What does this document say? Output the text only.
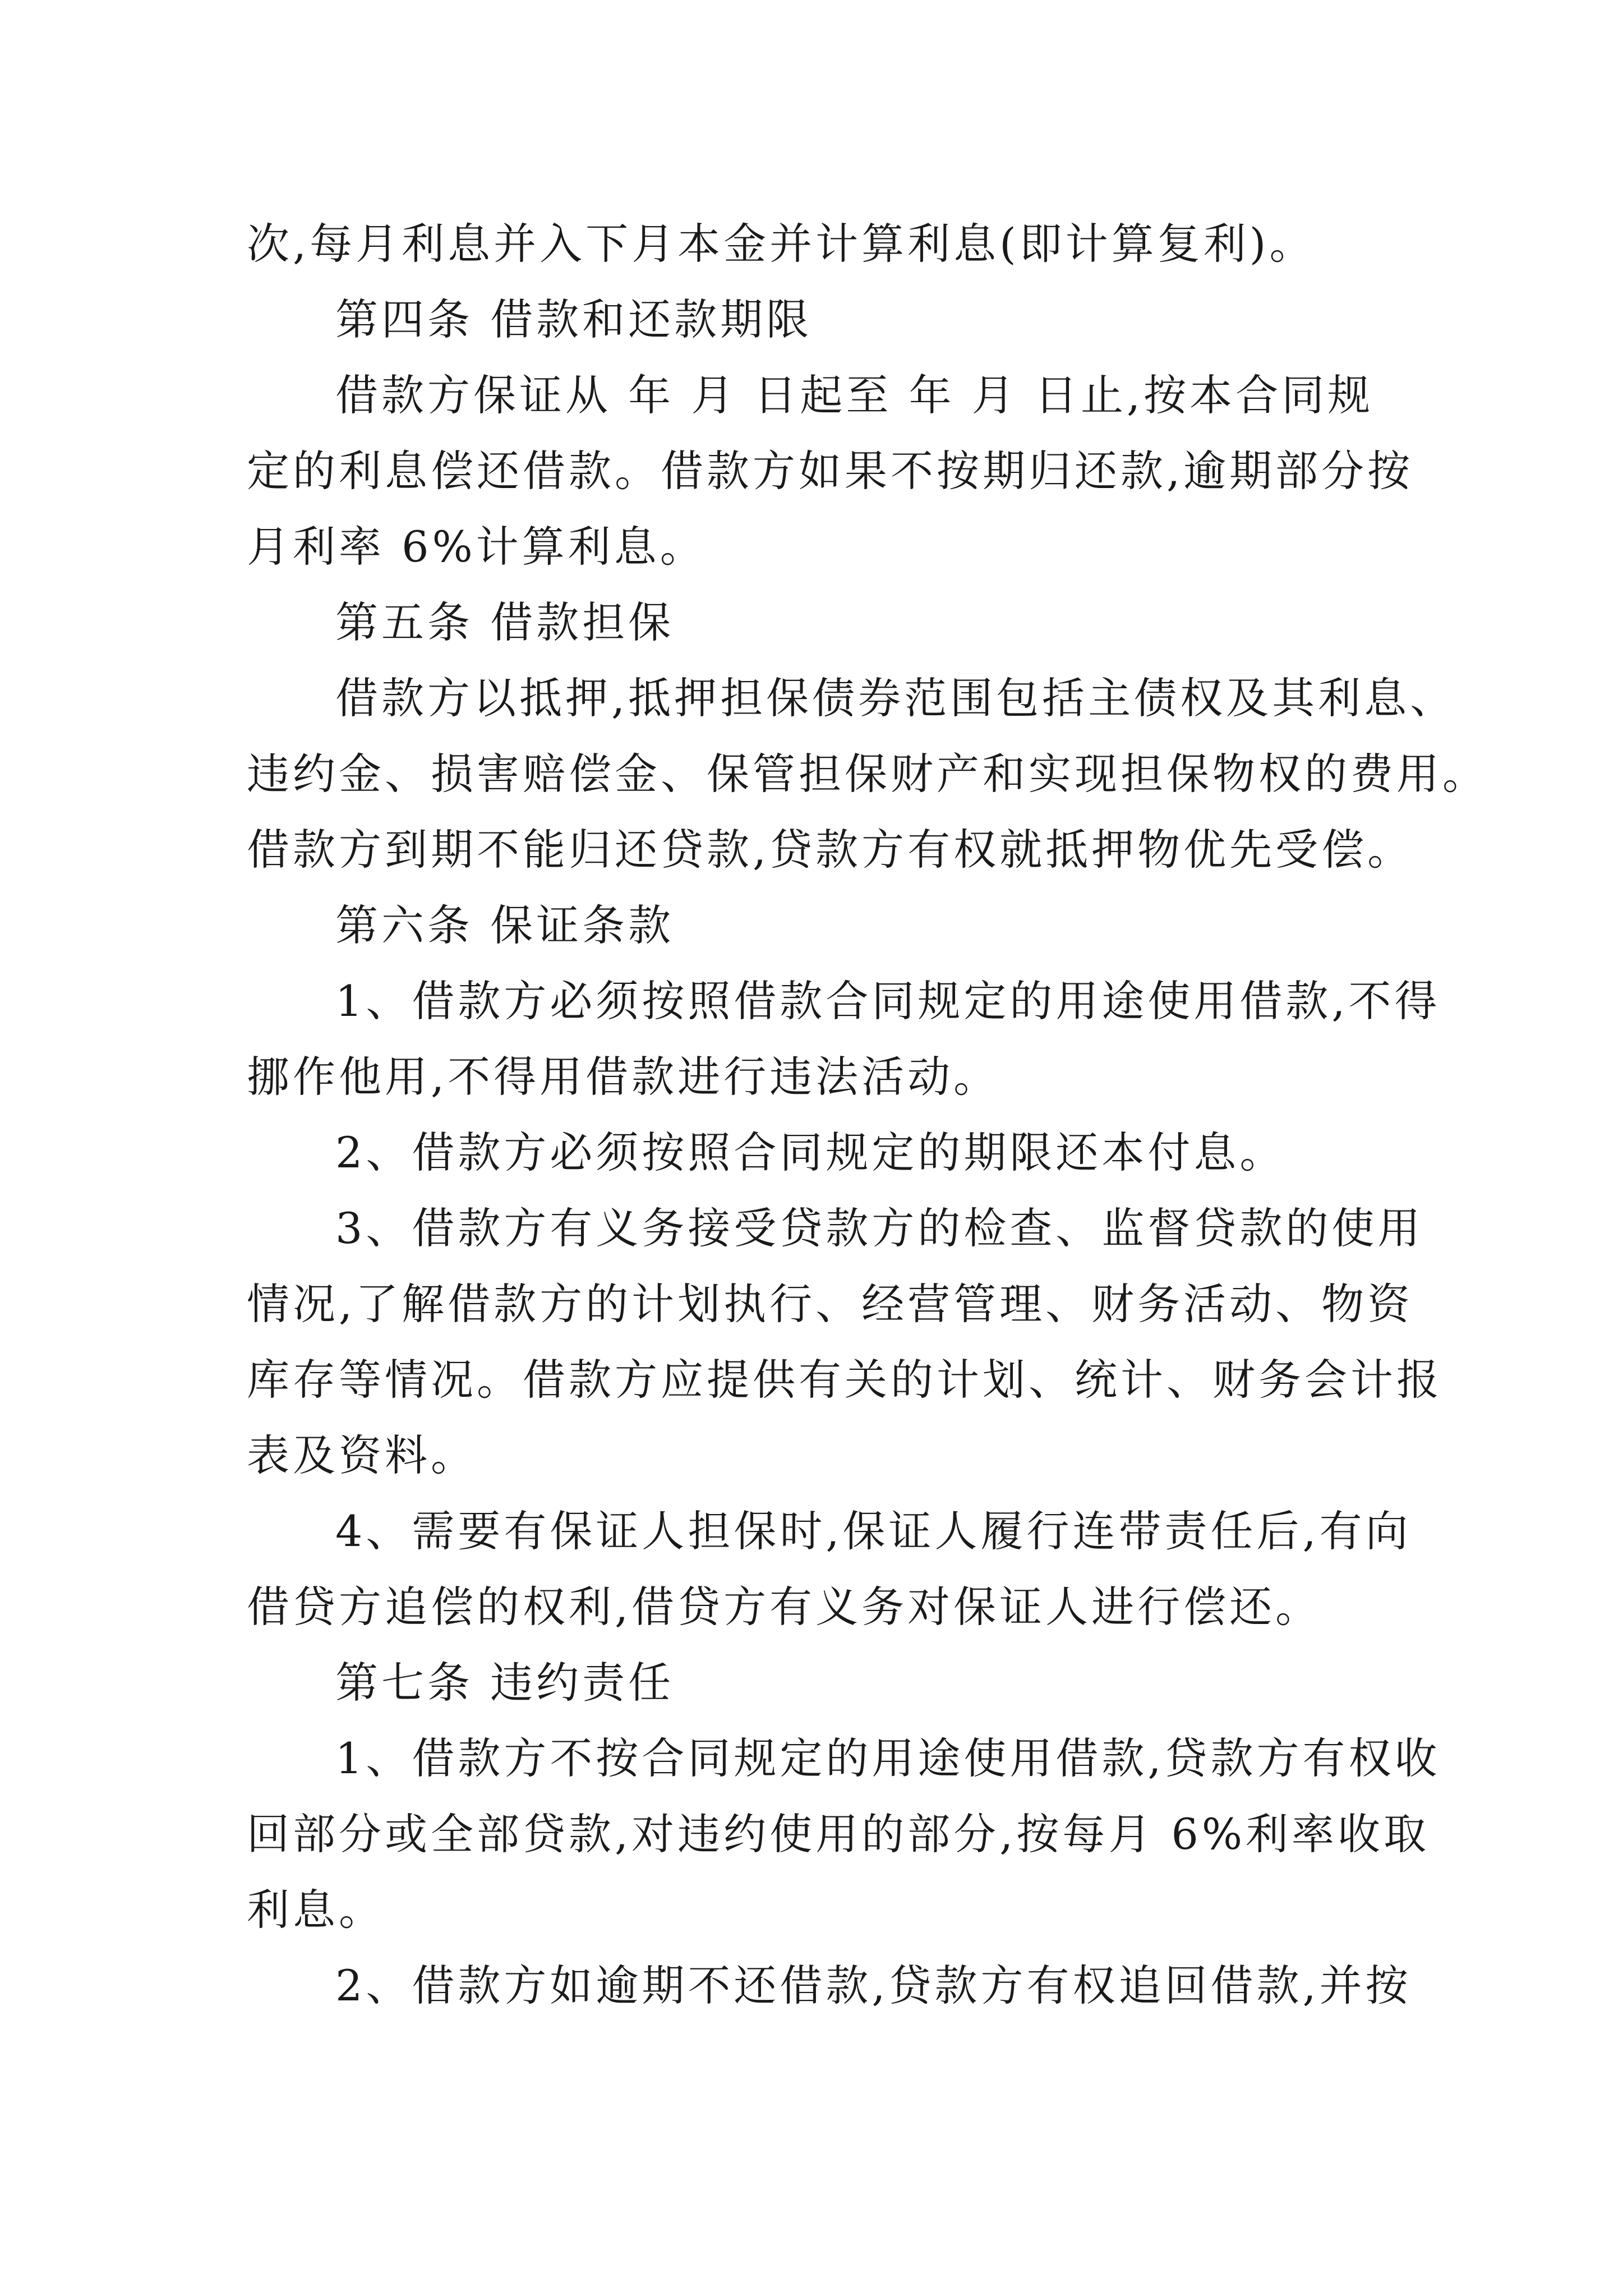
次,每月利息并入下月本金并计算利息(即计算复利)。

第四条 借款和还款期限

借款方保证从 年 月 日起至 年 月 日止,按本合同规

定的利息偿还借款。借款方如果不按期归还款,逾期部分按

月利率 6%计算利息。

第五条 借款担保

借款方以抵押,抵押担保债券范围包括主债权及其利息、

违约金、损害赔偿金、保管担保财产和实现担保物权的费用。

借款方到期不能归还贷款,贷款方有权就抵押物优先受偿。

第六条 保证条款

1、借款方必须按照借款合同规定的用途使用借款,不得

挪作他用,不得用借款进行违法活动。

2、借款方必须按照合同规定的期限还本付息。

3、借款方有义务接受贷款方的检查、监督贷款的使用

情况,了解借款方的计划执行、经营管理、财务活动、物资

库存等情况。借款方应提供有关的计划、统计、财务会计报

表及资料。

4、需要有保证人担保时,保证人履行连带责任后,有向

借贷方追偿的权利,借贷方有义务对保证人进行偿还。

第七条 违约责任

1、借款方不按合同规定的用途使用借款,贷款方有权收

回部分或全部贷款,对违约使用的部分,按每月 6%利率收取

利息。

2、借款方如逾期不还借款,贷款方有权追回借款,并按
